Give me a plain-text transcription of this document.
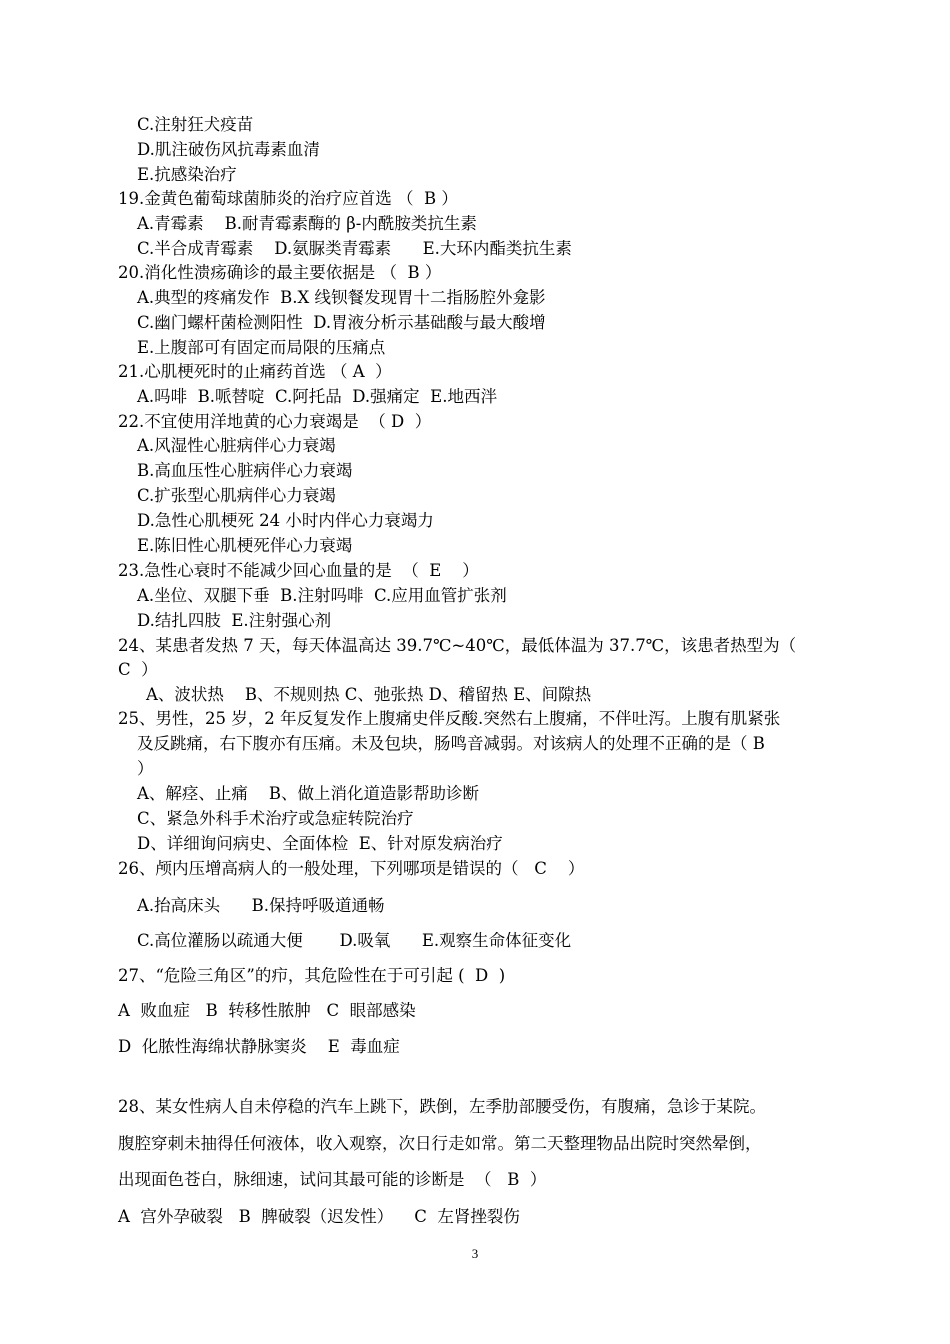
C.注射狂犬疫苗
D.肌注破伤风抗毒素血清
E.抗感染治疗
19.金黄色葡萄球菌肺炎的治疗应首选 （  B ）
A.青霉素    B.耐青霉素酶的 β-内酰胺类抗生素
C.半合成青霉素    D.氨脲类青霉素      E.大环内酯类抗生素
20.消化性溃疡确诊的最主要依据是 （  B ）
A.典型的疼痛发作  B.X 线钡餐发现胃十二指肠腔外龛影
C.幽门螺杆菌检测阳性  D.胃液分析示基础酸与最大酸增
E.上腹部可有固定而局限的压痛点
21.心肌梗死时的止痛药首选 （ A  ）
A.吗啡  B.哌替啶  C.阿托品  D.强痛定  E.地西泮
22.不宜使用洋地黄的心力衰竭是  （ D  ）
A.风湿性心脏病伴心力衰竭
B.高血压性心脏病伴心力衰竭
C.扩张型心肌病伴心力衰竭
D.急性心肌梗死 24 小时内伴心力衰竭力
E.陈旧性心肌梗死伴心力衰竭
23.急性心衰时不能减少回心血量的是  （  E    ）
A.坐位、双腿下垂  B.注射吗啡  C.应用血管扩张剂
D.结扎四肢  E.注射强心剂
24、某患者发热 7 天，每天体温高达 39.7℃~40℃，最低体温为 37.7℃，该患者热型为（
C  ）
A、波状热    B、不规则热 C、弛张热 D、稽留热 E、间隙热
25、男性，25 岁，2 年反复发作上腹痛史伴反酸.突然右上腹痛，不伴吐泻。上腹有肌紧张
及反跳痛，右下腹亦有压痛。未及包块，肠鸣音减弱。对该病人的处理不正确的是（ B
）
A、解痉、止痛    B、做上消化道造影帮助诊断
C、紧急外科手术治疗或急症转院治疗
D、详细询问病史、全面体检  E、针对原发病治疗
26、颅内压增高病人的一般处理，下列哪项是错误的（   C    ）
A.抬高床头      B.保持呼吸道通畅
C.高位灌肠以疏通大便       D.吸氧      E.观察生命体征变化
27、“危险三角区”的疖，其危险性在于可引起 (  D  )
A  败血症   B  转移性脓肿   C  眼部感染
D  化脓性海绵状静脉窦炎    E  毒血症
28、某女性病人自未停稳的汽车上跳下，跌倒，左季肋部腰受伤，有腹痛，急诊于某院。
腹腔穿刺未抽得任何液体，收入观察，次日行走如常。第二天整理物品出院时突然晕倒，
出现面色苍白，脉细速，试问其最可能的诊断是  （   B  ）
A  宫外孕破裂   B  脾破裂（迟发性）    C  左肾挫裂伤
3
